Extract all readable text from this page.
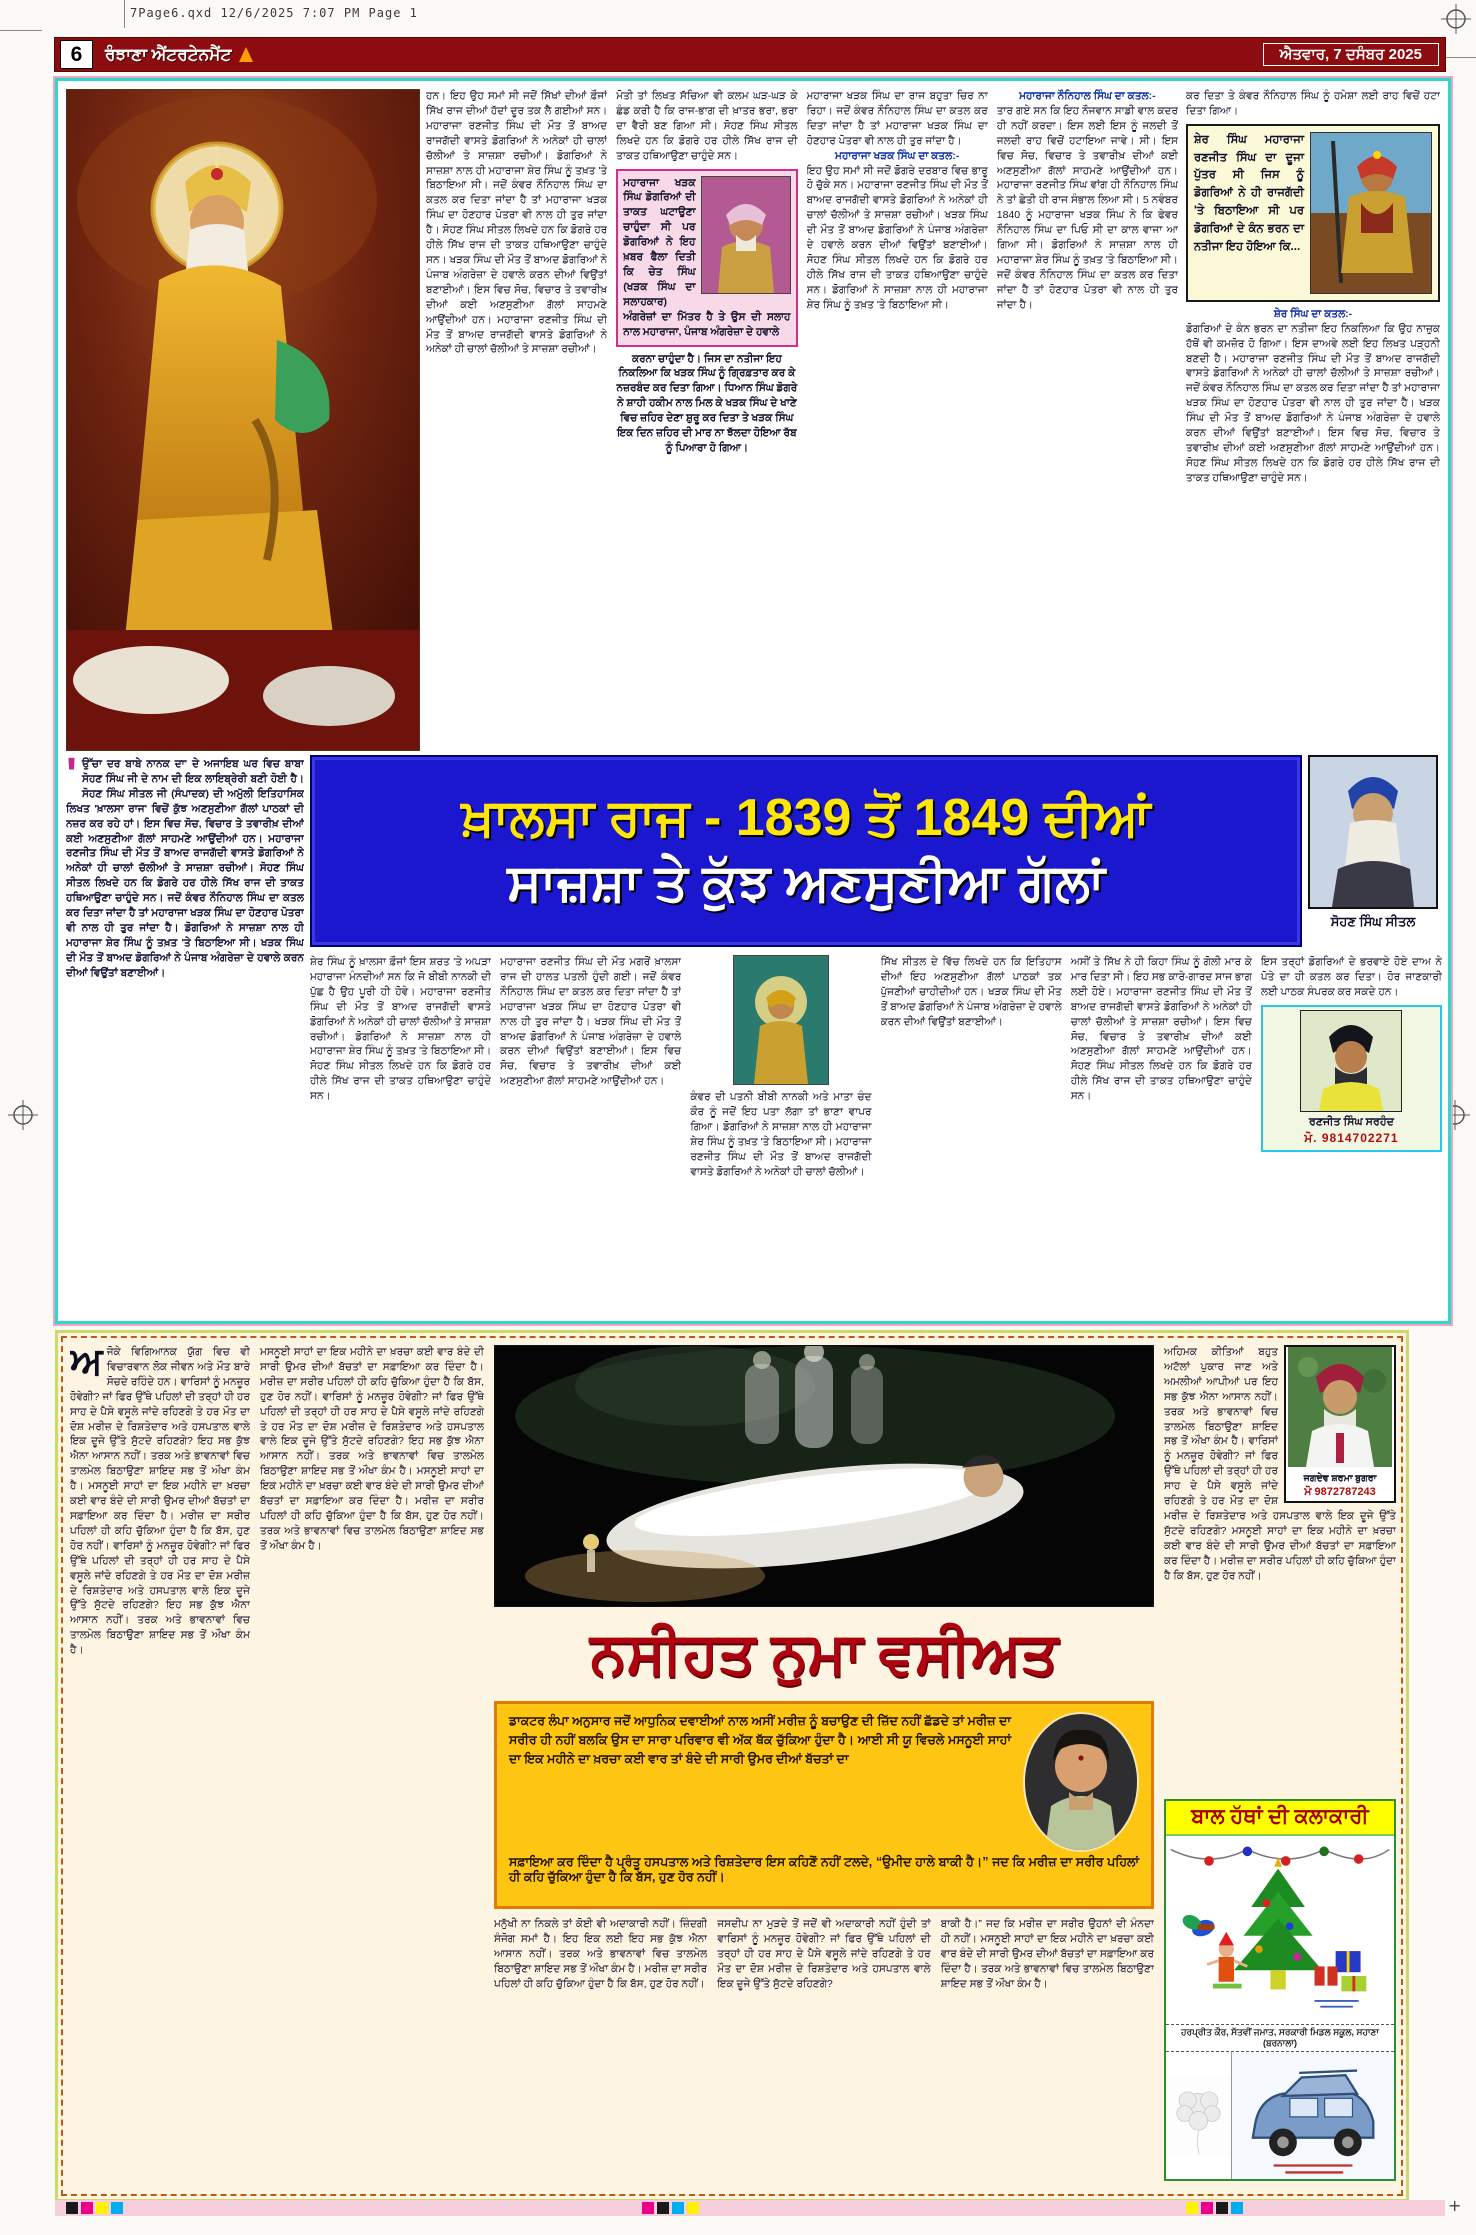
7Page6.qxd 12/6/2025 7:07 PM Page 1
+
6	ਰੰਝਾਣਾ ਐਂਟਰਟੇਨਮੈਂਟ	ਐਤਵਾਰ, 7 ਦਸੰਬਰ 2025
ਹਨ। ਇਹ ਉਹ ਸਮਾਂ ਸੀ ਜਦੋਂ ਸਿੱਖਾਂ ਦੀਆਂ ਫ਼ੌਜਾਂ ਸਿੱਖ ਰਾਜ ਦੀਆਂ ਹੱਦਾਂ ਦੂਰ ਤਕ ਲੈ ਗਈਆਂ ਸਨ। ਮਹਾਰਾਜਾ ਰਣਜੀਤ ਸਿੰਘ ਦੀ ਮੌਤ ਤੋਂ ਬਾਅਦ ਰਾਜਗੱਦੀ ਵਾਸਤੇ ਡੋਗਰਿਆਂ ਨੇ ਅਨੇਕਾਂ ਹੀ ਚਾਲਾਂ ਚੱਲੀਆਂ ਤੇ ਸਾਜ਼ਸ਼ਾ ਰਚੀਆਂ। ਡੋਗਰਿਆਂ ਨੇ ਸਾਜ਼ਸ਼ਾ ਨਾਲ ਹੀ ਮਹਾਰਾਜਾ ਸ਼ੇਰ ਸਿੰਘ ਨੂੰ ਤਖ਼ਤ 'ਤੇ ਬਿਠਾਇਆ ਸੀ। ਜਦੋਂ ਕੰਵਰ ਨੌਨਿਹਾਲ ਸਿੰਘ ਦਾ ਕਤਲ ਕਰ ਦਿਤਾ ਜਾਂਦਾ ਹੈ ਤਾਂ ਮਹਾਰਾਜਾ ਖੜਕ ਸਿੰਘ ਦਾ ਹੋਣਹਾਰ ਪੋਤਰਾ ਵੀ ਨਾਲ ਹੀ ਤੁਰ ਜਾਂਦਾ ਹੈ। ਸੋਹਣ ਸਿੰਘ ਸੀਤਲ ਲਿਖਦੇ ਹਨ ਕਿ ਡੋਗਰੇ ਹਰ ਹੀਲੇ ਸਿੱਖ ਰਾਜ ਦੀ ਤਾਕਤ ਹਥਿਆਉਣਾ ਚਾਹੁੰਦੇ ਸਨ। ਖੜਕ ਸਿੰਘ ਦੀ ਮੌਤ ਤੋਂ ਬਾਅਦ ਡੋਗਰਿਆਂ ਨੇ ਪੰਜਾਬ ਅੰਗਰੇਜ਼ਾ ਦੇ ਹਵਾਲੇ ਕਰਨ ਦੀਆਂ ਵਿਉਂਤਾਂ ਬਣਾਈਆਂ। ਇਸ ਵਿਚ ਸੋਚ, ਵਿਚਾਰ ਤੇ ਤਵਾਰੀਖ਼ ਦੀਆਂ ਕਈ ਅਣਸੁਣੀਆ ਗੱਲਾਂ ਸਾਹਮਣੇ ਆਉਂਦੀਆਂ ਹਨ। ਮਹਾਰਾਜਾ ਰਣਜੀਤ ਸਿੰਘ ਦੀ ਮੌਤ ਤੋਂ ਬਾਅਦ ਰਾਜਗੱਦੀ ਵਾਸਤੇ ਡੋਗਰਿਆਂ ਨੇ ਅਨੇਕਾਂ ਹੀ ਚਾਲਾਂ ਚੱਲੀਆਂ ਤੇ ਸਾਜ਼ਸ਼ਾ ਰਚੀਆਂ।
ਮੋਤੀ ਤਾਂ ਲਿਖਤ ਸੱਚਿਆ ਵੀ ਕਲਮ ਘੜ-ਘੜ ਕੇ ਛੰਡ ਕਰੀ ਹੈ ਕਿ ਰਾਜ-ਭਾਗ ਦੀ ਖ਼ਾਤਰ ਭਰਾ, ਭਰਾ ਦਾ ਵੈਰੀ ਬਣ ਗਿਆ ਸੀ। ਸੋਹਣ ਸਿੰਘ ਸੀਤਲ ਲਿਖਦੇ ਹਨ ਕਿ ਡੋਗਰੇ ਹਰ ਹੀਲੇ ਸਿੱਖ ਰਾਜ ਦੀ ਤਾਕਤ ਹਥਿਆਉਣਾ ਚਾਹੁੰਦੇ ਸਨ।
ਮਹਾਰਾਜਾ ਖੜਕ ਸਿੰਘ ਡੋਗਰਿਆਂ ਦੀ ਤਾਕਤ ਘਟਾਉਣਾ ਚਾਹੁੰਦਾ ਸੀ ਪਰ ਡੋਗਰਿਆਂ ਨੇ ਇਹ ਖ਼ਬਰ ਫੈਲਾ ਦਿਤੀ ਕਿ ਚੇਤ ਸਿੰਘ (ਖੜਕ ਸਿੰਘ ਦਾ ਸਲਾਹਕਾਰ) ਅੰਗਰੇਜ਼ਾਂ ਦਾ ਮਿੱਤਰ ਹੈ ਤੇ ਉਸ ਦੀ ਸਲਾਹ ਨਾਲ ਮਹਾਰਾਜਾ, ਪੰਜਾਬ ਅੰਗਰੇਜ਼ਾ ਦੇ ਹਵਾਲੇ
ਕਰਨਾ ਚਾਹੁੰਦਾ ਹੈ। ਜਿਸ ਦਾ ਨਤੀਜਾ ਇਹ ਨਿਕਲਿਆ ਕਿ ਖੜਕ ਸਿੰਘ ਨੂੰ ਗ੍ਰਿਫ਼ਤਾਰ ਕਰ ਕੇ ਨਜ਼ਰਬੰਦ ਕਰ ਦਿਤਾ ਗਿਆ। ਧਿਆਨ ਸਿੰਘ ਡੋਗਰੇ ਨੇ ਸ਼ਾਹੀ ਹਕੀਮ ਨਾਲ ਮਿਲ ਕੇ ਖੜਕ ਸਿੰਘ ਦੇ ਖਾਣੇ ਵਿਚ ਜ਼ਹਿਰ ਦੇਣਾ ਸ਼ੁਰੂ ਕਰ ਦਿਤਾ ਤੇ ਖੜਕ ਸਿੰਘ ਇਕ ਦਿਨ ਜ਼ਹਿਰ ਦੀ ਮਾਰ ਨਾ ਝੱਲਦਾ ਹੋਇਆ ਰੱਬ ਨੂੰ ਪਿਆਰਾ ਹੋ ਗਿਆ।
ਮਹਾਰਾਜਾ ਖੜਕ ਸਿੰਘ ਦਾ ਰਾਜ ਬਹੁਤਾ ਚਿਰ ਨਾ ਰਿਹਾ। ਜਦੋਂ ਕੰਵਰ ਨੌਨਿਹਾਲ ਸਿੰਘ ਦਾ ਕਤਲ ਕਰ ਦਿਤਾ ਜਾਂਦਾ ਹੈ ਤਾਂ ਮਹਾਰਾਜਾ ਖੜਕ ਸਿੰਘ ਦਾ ਹੋਣਹਾਰ ਪੋਤਰਾ ਵੀ ਨਾਲ ਹੀ ਤੁਰ ਜਾਂਦਾ ਹੈ।
ਮਹਾਰਾਜਾ ਖੜਕ ਸਿੰਘ ਦਾ ਕਤਲ:-
ਇਹ ਉਹ ਸਮਾਂ ਸੀ ਜਦੋਂ ਡੋਗਰੇ ਦਰਬਾਰ ਵਿਚ ਭਾਰੂ ਹੋ ਚੁੱਕੇ ਸਨ। ਮਹਾਰਾਜਾ ਰਣਜੀਤ ਸਿੰਘ ਦੀ ਮੌਤ ਤੋਂ ਬਾਅਦ ਰਾਜਗੱਦੀ ਵਾਸਤੇ ਡੋਗਰਿਆਂ ਨੇ ਅਨੇਕਾਂ ਹੀ ਚਾਲਾਂ ਚੱਲੀਆਂ ਤੇ ਸਾਜ਼ਸ਼ਾ ਰਚੀਆਂ। ਖੜਕ ਸਿੰਘ ਦੀ ਮੌਤ ਤੋਂ ਬਾਅਦ ਡੋਗਰਿਆਂ ਨੇ ਪੰਜਾਬ ਅੰਗਰੇਜ਼ਾ ਦੇ ਹਵਾਲੇ ਕਰਨ ਦੀਆਂ ਵਿਉਂਤਾਂ ਬਣਾਈਆਂ। ਸੋਹਣ ਸਿੰਘ ਸੀਤਲ ਲਿਖਦੇ ਹਨ ਕਿ ਡੋਗਰੇ ਹਰ ਹੀਲੇ ਸਿੱਖ ਰਾਜ ਦੀ ਤਾਕਤ ਹਥਿਆਉਣਾ ਚਾਹੁੰਦੇ ਸਨ। ਡੋਗਰਿਆਂ ਨੇ ਸਾਜ਼ਸ਼ਾ ਨਾਲ ਹੀ ਮਹਾਰਾਜਾ ਸ਼ੇਰ ਸਿੰਘ ਨੂੰ ਤਖ਼ਤ 'ਤੇ ਬਿਠਾਇਆ ਸੀ।
ਮਹਾਰਾਜਾ ਨੌਨਿਹਾਲ ਸਿੰਘ ਦਾ ਕਤਲ:-
ਤਾਰ ਗਏ ਸਨ ਕਿ ਇਹ ਨੌਜਵਾਨ ਸਾਡੀ ਵਾਲ ਕਦਰ ਹੀ ਨਹੀਂ ਕਰਦਾ। ਇਸ ਲਈ ਇਸ ਨੂੰ ਜਲਦੀ ਤੋਂ ਜਲਦੀ ਰਾਹ ਵਿਚੋਂ ਹਟਾਇਆ ਜਾਵੇ। ਸੀ। ਇਸ ਵਿਚ ਸੋਚ, ਵਿਚਾਰ ਤੇ ਤਵਾਰੀਖ਼ ਦੀਆਂ ਕਈ ਅਣਸੁਣੀਆ ਗੱਲਾਂ ਸਾਹਮਣੇ ਆਉਂਦੀਆਂ ਹਨ। ਮਹਾਰਾਜਾ ਰਣਜੀਤ ਸਿੰਘ ਵਾਂਗ ਹੀ ਨੌਨਿਹਾਲ ਸਿੰਘ ਨੇ ਤਾਂ ਛੇਤੀ ਹੀ ਰਾਜ ਸੰਭਾਲ ਲਿਆ ਸੀ। 5 ਨਵੰਬਰ 1840 ਨੂੰ ਮਹਾਰਾਜਾ ਖੜਕ ਸਿੰਘ ਨੇ ਕਿ ਫੇਵਰ ਨੌਨਿਹਾਲ ਸਿੰਘ ਦਾ ਪਿਓ ਸੀ ਦਾ ਕਾਲ ਵਾਜਾ ਆ ਗਿਆ ਸੀ। ਡੋਗਰਿਆਂ ਨੇ ਸਾਜ਼ਸ਼ਾ ਨਾਲ ਹੀ ਮਹਾਰਾਜਾ ਸ਼ੇਰ ਸਿੰਘ ਨੂੰ ਤਖ਼ਤ 'ਤੇ ਬਿਠਾਇਆ ਸੀ। ਜਦੋਂ ਕੰਵਰ ਨੌਨਿਹਾਲ ਸਿੰਘ ਦਾ ਕਤਲ ਕਰ ਦਿਤਾ ਜਾਂਦਾ ਹੈ ਤਾਂ ਹੋਣਹਾਰ ਪੋਤਰਾ ਵੀ ਨਾਲ ਹੀ ਤੁਰ ਜਾਂਦਾ ਹੈ।
ਕਰ ਦਿਤਾ ਤੇ ਕੰਵਰ ਨੌਨਿਹਾਲ ਸਿੰਘ ਨੂੰ ਹਮੇਸ਼ਾ ਲਈ ਰਾਹ ਵਿਚੋਂ ਹਟਾ ਦਿਤਾ ਗਿਆ।
ਸ਼ੇਰ ਸਿੰਘ ਮਹਾਰਾਜਾ ਰਣਜੀਤ ਸਿੰਘ ਦਾ ਦੂਜਾ ਪੁੱਤਰ ਸੀ ਜਿਸ ਨੂੰ ਡੋਗਰਿਆਂ ਨੇ ਹੀ ਰਾਜਗੱਦੀ 'ਤੇ ਬਿਠਾਇਆ ਸੀ ਪਰ ਡੋਗਰਿਆਂ ਦੇ ਕੰਨ ਭਰਨ ਦਾ ਨਤੀਜਾ ਇਹ ਹੋਇਆ ਕਿ...
ਸ਼ੇਰ ਸਿੰਘ ਦਾ ਕਤਲ:-
ਡੋਗਰਿਆਂ ਦੇ ਕੰਨ ਭਰਨ ਦਾ ਨਤੀਜਾ ਇਹ ਨਿਕਲਿਆ ਕਿ ਉਹ ਨਾਜ਼ੁਕ ਹੱਥੋਂ ਵੀ ਕਮਜ਼ੋਰ ਹੋ ਗਿਆ। ਇਸ ਦਾਅਵੇ ਲਈ ਇਹ ਲਿਖਤ ਪੜ੍ਹਨੀ ਬਣਦੀ ਹੈ। ਮਹਾਰਾਜਾ ਰਣਜੀਤ ਸਿੰਘ ਦੀ ਮੌਤ ਤੋਂ ਬਾਅਦ ਰਾਜਗੱਦੀ ਵਾਸਤੇ ਡੋਗਰਿਆਂ ਨੇ ਅਨੇਕਾਂ ਹੀ ਚਾਲਾਂ ਚੱਲੀਆਂ ਤੇ ਸਾਜ਼ਸ਼ਾ ਰਚੀਆਂ। ਜਦੋਂ ਕੰਵਰ ਨੌਨਿਹਾਲ ਸਿੰਘ ਦਾ ਕਤਲ ਕਰ ਦਿਤਾ ਜਾਂਦਾ ਹੈ ਤਾਂ ਮਹਾਰਾਜਾ ਖੜਕ ਸਿੰਘ ਦਾ ਹੋਣਹਾਰ ਪੋਤਰਾ ਵੀ ਨਾਲ ਹੀ ਤੁਰ ਜਾਂਦਾ ਹੈ। ਖੜਕ ਸਿੰਘ ਦੀ ਮੌਤ ਤੋਂ ਬਾਅਦ ਡੋਗਰਿਆਂ ਨੇ ਪੰਜਾਬ ਅੰਗਰੇਜ਼ਾ ਦੇ ਹਵਾਲੇ ਕਰਨ ਦੀਆਂ ਵਿਉਂਤਾਂ ਬਣਾਈਆਂ। ਇਸ ਵਿਚ ਸੋਚ, ਵਿਚਾਰ ਤੇ ਤਵਾਰੀਖ਼ ਦੀਆਂ ਕਈ ਅਣਸੁਣੀਆ ਗੱਲਾਂ ਸਾਹਮਣੇ ਆਉਂਦੀਆਂ ਹਨ। ਸੋਹਣ ਸਿੰਘ ਸੀਤਲ ਲਿਖਦੇ ਹਨ ਕਿ ਡੋਗਰੇ ਹਰ ਹੀਲੇ ਸਿੱਖ ਰਾਜ ਦੀ ਤਾਕਤ ਹਥਿਆਉਣਾ ਚਾਹੁੰਦੇ ਸਨ।
' ਉੱਚਾ ਦਰ ਬਾਬੇ ਨਾਨਕ ਦਾ' ਦੇ ਅਜਾਇਬ ਘਰ ਵਿਚ ਬਾਬਾ ਸੋਹਣ ਸਿੰਘ ਜੀ ਦੇ ਨਾਮ ਦੀ ਇਕ ਲਾਇਬ੍ਰੇਰੀ ਬਣੀ ਹੋਈ ਹੈ। ਸੋਹਣ ਸਿੰਘ ਸੀਤਲ ਜੀ (ਸੰਪਾਦਕ) ਦੀ ਅਮੁੱਲੀ ਇਤਿਹਾਸਿਕ ਲਿਖਤ 'ਖ਼ਾਲਸਾ ਰਾਜ' ਵਿਚੋਂ ਕੁੱਝ ਅਣਸੁਣੀਆ ਗੱਲਾਂ ਪਾਠਕਾਂ ਦੀ ਨਜ਼ਰ ਕਰ ਰਹੇ ਹਾਂ। ਇਸ ਵਿਚ ਸੋਚ, ਵਿਚਾਰ ਤੇ ਤਵਾਰੀਖ਼ ਦੀਆਂ ਕਈ ਅਣਸੁਣੀਆ ਗੱਲਾਂ ਸਾਹਮਣੇ ਆਉਂਦੀਆਂ ਹਨ। ਮਹਾਰਾਜਾ ਰਣਜੀਤ ਸਿੰਘ ਦੀ ਮੌਤ ਤੋਂ ਬਾਅਦ ਰਾਜਗੱਦੀ ਵਾਸਤੇ ਡੋਗਰਿਆਂ ਨੇ ਅਨੇਕਾਂ ਹੀ ਚਾਲਾਂ ਚੱਲੀਆਂ ਤੇ ਸਾਜ਼ਸ਼ਾ ਰਚੀਆਂ। ਸੋਹਣ ਸਿੰਘ ਸੀਤਲ ਲਿਖਦੇ ਹਨ ਕਿ ਡੋਗਰੇ ਹਰ ਹੀਲੇ ਸਿੱਖ ਰਾਜ ਦੀ ਤਾਕਤ ਹਥਿਆਉਣਾ ਚਾਹੁੰਦੇ ਸਨ। ਜਦੋਂ ਕੰਵਰ ਨੌਨਿਹਾਲ ਸਿੰਘ ਦਾ ਕਤਲ ਕਰ ਦਿਤਾ ਜਾਂਦਾ ਹੈ ਤਾਂ ਮਹਾਰਾਜਾ ਖੜਕ ਸਿੰਘ ਦਾ ਹੋਣਹਾਰ ਪੋਤਰਾ ਵੀ ਨਾਲ ਹੀ ਤੁਰ ਜਾਂਦਾ ਹੈ। ਡੋਗਰਿਆਂ ਨੇ ਸਾਜ਼ਸ਼ਾ ਨਾਲ ਹੀ ਮਹਾਰਾਜਾ ਸ਼ੇਰ ਸਿੰਘ ਨੂੰ ਤਖ਼ਤ 'ਤੇ ਬਿਠਾਇਆ ਸੀ। ਖੜਕ ਸਿੰਘ ਦੀ ਮੌਤ ਤੋਂ ਬਾਅਦ ਡੋਗਰਿਆਂ ਨੇ ਪੰਜਾਬ ਅੰਗਰੇਜ਼ਾ ਦੇ ਹਵਾਲੇ ਕਰਨ ਦੀਆਂ ਵਿਉਂਤਾਂ ਬਣਾਈਆਂ।
ਖ਼ਾਲਸਾ ਰਾਜ - 1839 ਤੋਂ 1849 ਦੀਆਂ
ਸਾਜ਼ਸ਼ਾ ਤੇ ਕੁੱਝ ਅਣਸੁਣੀਆ ਗੱਲਾਂ
ਸੋਹਣ ਸਿੰਘ ਸੀਤਲ
ਸ਼ੇਰ ਸਿੰਘ ਨੂੰ ਖ਼ਾਲਸਾ ਫ਼ੌਜਾਂ ਇਸ ਸ਼ਰਤ 'ਤੇ ਅਪੜਾ ਮਹਾਰਾਜਾ ਮੰਨਦੀਆਂ ਸਨ ਕਿ ਜੋ ਬੀਬੀ ਨਾਨਕੀ ਦੀ ਪੁੱਛ ਹੈ ਉਹ ਪੂਰੀ ਹੀ ਹੋਵੇ। ਮਹਾਰਾਜਾ ਰਣਜੀਤ ਸਿੰਘ ਦੀ ਮੌਤ ਤੋਂ ਬਾਅਦ ਰਾਜਗੱਦੀ ਵਾਸਤੇ ਡੋਗਰਿਆਂ ਨੇ ਅਨੇਕਾਂ ਹੀ ਚਾਲਾਂ ਚੱਲੀਆਂ ਤੇ ਸਾਜ਼ਸ਼ਾ ਰਚੀਆਂ। ਡੋਗਰਿਆਂ ਨੇ ਸਾਜ਼ਸ਼ਾ ਨਾਲ ਹੀ ਮਹਾਰਾਜਾ ਸ਼ੇਰ ਸਿੰਘ ਨੂੰ ਤਖ਼ਤ 'ਤੇ ਬਿਠਾਇਆ ਸੀ। ਸੋਹਣ ਸਿੰਘ ਸੀਤਲ ਲਿਖਦੇ ਹਨ ਕਿ ਡੋਗਰੇ ਹਰ ਹੀਲੇ ਸਿੱਖ ਰਾਜ ਦੀ ਤਾਕਤ ਹਥਿਆਉਣਾ ਚਾਹੁੰਦੇ ਸਨ।
ਮਹਾਰਾਜਾ ਰਣਜੀਤ ਸਿੰਘ ਦੀ ਮੌਤ ਮਗਰੋਂ ਖ਼ਾਲਸਾ ਰਾਜ ਦੀ ਹਾਲਤ ਪਤਲੀ ਹੁੰਦੀ ਗਈ। ਜਦੋਂ ਕੰਵਰ ਨੌਨਿਹਾਲ ਸਿੰਘ ਦਾ ਕਤਲ ਕਰ ਦਿਤਾ ਜਾਂਦਾ ਹੈ ਤਾਂ ਮਹਾਰਾਜਾ ਖੜਕ ਸਿੰਘ ਦਾ ਹੋਣਹਾਰ ਪੋਤਰਾ ਵੀ ਨਾਲ ਹੀ ਤੁਰ ਜਾਂਦਾ ਹੈ। ਖੜਕ ਸਿੰਘ ਦੀ ਮੌਤ ਤੋਂ ਬਾਅਦ ਡੋਗਰਿਆਂ ਨੇ ਪੰਜਾਬ ਅੰਗਰੇਜ਼ਾ ਦੇ ਹਵਾਲੇ ਕਰਨ ਦੀਆਂ ਵਿਉਂਤਾਂ ਬਣਾਈਆਂ। ਇਸ ਵਿਚ ਸੋਚ, ਵਿਚਾਰ ਤੇ ਤਵਾਰੀਖ਼ ਦੀਆਂ ਕਈ ਅਣਸੁਣੀਆ ਗੱਲਾਂ ਸਾਹਮਣੇ ਆਉਂਦੀਆਂ ਹਨ।
ਕੰਵਰ ਦੀ ਪਤਨੀ ਬੀਬੀ ਨਾਨਕੀ ਅਤੇ ਮਾਤਾ ਚੰਦ ਕੌਰ ਨੂੰ ਜਦੋਂ ਇਹ ਪਤਾ ਲੱਗਾ ਤਾਂ ਭਾਣਾ ਵਾਪਰ ਗਿਆ। ਡੋਗਰਿਆਂ ਨੇ ਸਾਜ਼ਸ਼ਾ ਨਾਲ ਹੀ ਮਹਾਰਾਜਾ ਸ਼ੇਰ ਸਿੰਘ ਨੂੰ ਤਖ਼ਤ 'ਤੇ ਬਿਠਾਇਆ ਸੀ। ਮਹਾਰਾਜਾ ਰਣਜੀਤ ਸਿੰਘ ਦੀ ਮੌਤ ਤੋਂ ਬਾਅਦ ਰਾਜਗੱਦੀ ਵਾਸਤੇ ਡੋਗਰਿਆਂ ਨੇ ਅਨੇਕਾਂ ਹੀ ਚਾਲਾਂ ਚੱਲੀਆਂ।
ਸਿੱਖ ਸੀਤਲ ਦੇ ਵਿੱਚ ਲਿਖਦੇ ਹਨ ਕਿ ਇਤਿਹਾਸ ਦੀਆਂ ਇਹ ਅਣਸੁਣੀਆ ਗੱਲਾਂ ਪਾਠਕਾਂ ਤਕ ਪੁੱਜਣੀਆਂ ਚਾਹੀਦੀਆਂ ਹਨ। ਖੜਕ ਸਿੰਘ ਦੀ ਮੌਤ ਤੋਂ ਬਾਅਦ ਡੋਗਰਿਆਂ ਨੇ ਪੰਜਾਬ ਅੰਗਰੇਜ਼ਾ ਦੇ ਹਵਾਲੇ ਕਰਨ ਦੀਆਂ ਵਿਉਂਤਾਂ ਬਣਾਈਆਂ।
ਅਸੀਂ ਤੇ ਸਿੱਖ ਨੇ ਹੀ ਕਿਹਾ ਸਿੰਘ ਨੂੰ ਗੋਲੀ ਮਾਰ ਕੇ ਮਾਰ ਦਿਤਾ ਸੀ। ਇਹ ਸਭ ਕਾਰੇ-ਗਾਰਦ ਸਾਜ ਭਾਗ ਲਈ ਹੋਏ। ਮਹਾਰਾਜਾ ਰਣਜੀਤ ਸਿੰਘ ਦੀ ਮੌਤ ਤੋਂ ਬਾਅਦ ਰਾਜਗੱਦੀ ਵਾਸਤੇ ਡੋਗਰਿਆਂ ਨੇ ਅਨੇਕਾਂ ਹੀ ਚਾਲਾਂ ਚੱਲੀਆਂ ਤੇ ਸਾਜ਼ਸ਼ਾ ਰਚੀਆਂ। ਇਸ ਵਿਚ ਸੋਚ, ਵਿਚਾਰ ਤੇ ਤਵਾਰੀਖ਼ ਦੀਆਂ ਕਈ ਅਣਸੁਣੀਆ ਗੱਲਾਂ ਸਾਹਮਣੇ ਆਉਂਦੀਆਂ ਹਨ। ਸੋਹਣ ਸਿੰਘ ਸੀਤਲ ਲਿਖਦੇ ਹਨ ਕਿ ਡੋਗਰੇ ਹਰ ਹੀਲੇ ਸਿੱਖ ਰਾਜ ਦੀ ਤਾਕਤ ਹਥਿਆਉਣਾ ਚਾਹੁੰਦੇ ਸਨ।
ਇਸ ਤਰ੍ਹਾਂ ਡੋਗਰਿਆਂ ਦੇ ਭਰਵਾਏ ਹੋਏ ਦਾਅ ਨੇ ਪੋਤੇ ਦਾ ਹੀ ਕਤਲ ਕਰ ਦਿਤਾ। ਹੋਰ ਜਾਣਕਾਰੀ ਲਈ ਪਾਠਕ ਸੰਪਰਕ ਕਰ ਸਕਦੇ ਹਨ।
ਰਣਜੀਤ ਸਿੰਘ ਸਰਹੰਦ
ਮੋ. 9814702271
ਅ ਜੋਕੇ ਵਿਗਿਆਨਕ ਯੁੱਗ ਵਿਚ ਵੀ ਵਿਚਾਰਵਾਨ ਲੋਕ ਜੀਵਨ ਅਤੇ ਮੌਤ ਬਾਰੇ ਸੋਚਦੇ ਰਹਿੰਦੇ ਹਨ। ਵਾਰਿਸਾਂ ਨੂੰ ਮਨਜ਼ੂਰ ਹੋਵੇਗੀ? ਜਾਂ ਫਿਰ ਉੱਥੇ ਪਹਿਲਾਂ ਦੀ ਤਰ੍ਹਾਂ ਹੀ ਹਰ ਸਾਹ ਦੇ ਪੈਸੇ ਵਸੂਲੇ ਜਾਂਦੇ ਰਹਿਣਗੇ ਤੇ ਹਰ ਮੌਤ ਦਾ ਦੋਸ਼ ਮਰੀਜ਼ ਦੇ ਰਿਸ਼ਤੇਦਾਰ ਅਤੇ ਹਸਪਤਾਲ ਵਾਲੇ ਇਕ ਦੂਜੇ ਉੱਤੇ ਸੁੱਟਦੇ ਰਹਿਣਗੇ? ਇਹ ਸਭ ਕੁੱਝ ਐਨਾ ਆਸਾਨ ਨਹੀਂ। ਤਰਕ ਅਤੇ ਭਾਵਨਾਵਾਂ ਵਿਚ ਤਾਲਮੇਲ ਬਿਠਾਉਣਾ ਸ਼ਾਇਦ ਸਭ ਤੋਂ ਔਖਾ ਕੰਮ ਹੈ। ਮਸਨੂਈ ਸਾਹਾਂ ਦਾ ਇਕ ਮਹੀਨੇ ਦਾ ਖ਼ਰਚਾ ਕਈ ਵਾਰ ਬੰਦੇ ਦੀ ਸਾਰੀ ਉਮਰ ਦੀਆਂ ਬੱਚਤਾਂ ਦਾ ਸਫ਼ਾਇਆ ਕਰ ਦਿੰਦਾ ਹੈ। ਮਰੀਜ਼ ਦਾ ਸਰੀਰ ਪਹਿਲਾਂ ਹੀ ਕਹਿ ਚੁੱਕਿਆ ਹੁੰਦਾ ਹੈ ਕਿ ਬੱਸ, ਹੁਣ ਹੋਰ ਨਹੀਂ। ਵਾਰਿਸਾਂ ਨੂੰ ਮਨਜ਼ੂਰ ਹੋਵੇਗੀ? ਜਾਂ ਫਿਰ ਉੱਥੇ ਪਹਿਲਾਂ ਦੀ ਤਰ੍ਹਾਂ ਹੀ ਹਰ ਸਾਹ ਦੇ ਪੈਸੇ ਵਸੂਲੇ ਜਾਂਦੇ ਰਹਿਣਗੇ ਤੇ ਹਰ ਮੌਤ ਦਾ ਦੋਸ਼ ਮਰੀਜ਼ ਦੇ ਰਿਸ਼ਤੇਦਾਰ ਅਤੇ ਹਸਪਤਾਲ ਵਾਲੇ ਇਕ ਦੂਜੇ ਉੱਤੇ ਸੁੱਟਦੇ ਰਹਿਣਗੇ? ਇਹ ਸਭ ਕੁੱਝ ਐਨਾ ਆਸਾਨ ਨਹੀਂ। ਤਰਕ ਅਤੇ ਭਾਵਨਾਵਾਂ ਵਿਚ ਤਾਲਮੇਲ ਬਿਠਾਉਣਾ ਸ਼ਾਇਦ ਸਭ ਤੋਂ ਔਖਾ ਕੰਮ ਹੈ।
ਮਸਨੂਈ ਸਾਹਾਂ ਦਾ ਇਕ ਮਹੀਨੇ ਦਾ ਖ਼ਰਚਾ ਕਈ ਵਾਰ ਬੰਦੇ ਦੀ ਸਾਰੀ ਉਮਰ ਦੀਆਂ ਬੱਚਤਾਂ ਦਾ ਸਫ਼ਾਇਆ ਕਰ ਦਿੰਦਾ ਹੈ। ਮਰੀਜ਼ ਦਾ ਸਰੀਰ ਪਹਿਲਾਂ ਹੀ ਕਹਿ ਚੁੱਕਿਆ ਹੁੰਦਾ ਹੈ ਕਿ ਬੱਸ, ਹੁਣ ਹੋਰ ਨਹੀਂ। ਵਾਰਿਸਾਂ ਨੂੰ ਮਨਜ਼ੂਰ ਹੋਵੇਗੀ? ਜਾਂ ਫਿਰ ਉੱਥੇ ਪਹਿਲਾਂ ਦੀ ਤਰ੍ਹਾਂ ਹੀ ਹਰ ਸਾਹ ਦੇ ਪੈਸੇ ਵਸੂਲੇ ਜਾਂਦੇ ਰਹਿਣਗੇ ਤੇ ਹਰ ਮੌਤ ਦਾ ਦੋਸ਼ ਮਰੀਜ਼ ਦੇ ਰਿਸ਼ਤੇਦਾਰ ਅਤੇ ਹਸਪਤਾਲ ਵਾਲੇ ਇਕ ਦੂਜੇ ਉੱਤੇ ਸੁੱਟਦੇ ਰਹਿਣਗੇ? ਇਹ ਸਭ ਕੁੱਝ ਐਨਾ ਆਸਾਨ ਨਹੀਂ। ਤਰਕ ਅਤੇ ਭਾਵਨਾਵਾਂ ਵਿਚ ਤਾਲਮੇਲ ਬਿਠਾਉਣਾ ਸ਼ਾਇਦ ਸਭ ਤੋਂ ਔਖਾ ਕੰਮ ਹੈ। ਮਸਨੂਈ ਸਾਹਾਂ ਦਾ ਇਕ ਮਹੀਨੇ ਦਾ ਖ਼ਰਚਾ ਕਈ ਵਾਰ ਬੰਦੇ ਦੀ ਸਾਰੀ ਉਮਰ ਦੀਆਂ ਬੱਚਤਾਂ ਦਾ ਸਫ਼ਾਇਆ ਕਰ ਦਿੰਦਾ ਹੈ। ਮਰੀਜ਼ ਦਾ ਸਰੀਰ ਪਹਿਲਾਂ ਹੀ ਕਹਿ ਚੁੱਕਿਆ ਹੁੰਦਾ ਹੈ ਕਿ ਬੱਸ, ਹੁਣ ਹੋਰ ਨਹੀਂ। ਤਰਕ ਅਤੇ ਭਾਵਨਾਵਾਂ ਵਿਚ ਤਾਲਮੇਲ ਬਿਠਾਉਣਾ ਸ਼ਾਇਦ ਸਭ ਤੋਂ ਔਖਾ ਕੰਮ ਹੈ।
ਨਸੀਹਤ ਨੁਮਾ ਵਸੀਅਤ
ਡਾਕਟਰ ਲੰਪਾ ਅਨੁਸਾਰ ਜਦੋਂ ਆਧੁਨਿਕ ਦਵਾਈਆਂ ਨਾਲ ਅਸੀਂ ਮਰੀਜ਼ ਨੂੰ ਬਚਾਉਣ ਦੀ ਜ਼ਿੱਦ ਨਹੀਂ ਛੱਡਦੇ ਤਾਂ ਮਰੀਜ਼ ਦਾ ਸਰੀਰ ਹੀ ਨਹੀਂ ਬਲਕਿ ਉਸ ਦਾ ਸਾਰਾ ਪਰਿਵਾਰ ਵੀ ਅੱਕ ਥੱਕ ਚੁੱਕਿਆ ਹੁੰਦਾ ਹੈ। ਆਈ ਸੀ ਯੂ ਵਿਚਲੇ ਮਸਨੂਈ ਸਾਹਾਂ ਦਾ ਇਕ ਮਹੀਨੇ ਦਾ ਖ਼ਰਚਾ ਕਈ ਵਾਰ ਤਾਂ ਬੰਦੇ ਦੀ ਸਾਰੀ ਉਮਰ ਦੀਆਂ ਬੱਚਤਾਂ ਦਾ
ਸਫ਼ਾਇਆ ਕਰ ਦਿੰਦਾ ਹੈ ਪ੍ਰੰਤੂ ਹਸਪਤਾਲ ਅਤੇ ਰਿਸ਼ਤੇਦਾਰ ਇਸ ਕਹਿਣੋਂ ਨਹੀਂ ਟਲਦੇ, “ਉਮੀਦ ਹਾਲੇ ਬਾਕੀ ਹੈ।” ਜਦ ਕਿ ਮਰੀਜ਼ ਦਾ ਸਰੀਰ ਪਹਿਲਾਂ ਹੀ ਕਹਿ ਚੁੱਕਿਆ ਹੁੰਦਾ ਹੈ ਕਿ ਬੱਸ, ਹੁਣ ਹੋਰ ਨਹੀਂ।
ਮਨੁੱਖੀ ਨਾ ਨਿਕਲੇ ਤਾਂ ਕੋਈ ਵੀ ਅਦਾਕਾਰੀ ਨਹੀਂ। ਜ਼ਿੰਦਗੀ ਸੰਜੋਗ ਸਮਾਂ ਹੈ। ਇਹ ਇਕ ਲਈ ਇਹ ਸਭ ਕੁੱਝ ਐਨਾ ਆਸਾਨ ਨਹੀਂ। ਤਰਕ ਅਤੇ ਭਾਵਨਾਵਾਂ ਵਿਚ ਤਾਲਮੇਲ ਬਿਠਾਉਣਾ ਸ਼ਾਇਦ ਸਭ ਤੋਂ ਔਖਾ ਕੰਮ ਹੈ। ਮਰੀਜ਼ ਦਾ ਸਰੀਰ ਪਹਿਲਾਂ ਹੀ ਕਹਿ ਚੁੱਕਿਆ ਹੁੰਦਾ ਹੈ ਕਿ ਬੱਸ, ਹੁਣ ਹੋਰ ਨਹੀਂ।
ਜਸਦੀਪ ਨਾ ਮੁੜਦੇ ਤੋਂ ਜਦੋਂ ਵੀ ਅਦਾਕਾਰੀ ਨਹੀਂ ਹੁੰਦੀ ਤਾਂ ਵਾਰਿਸਾਂ ਨੂੰ ਮਨਜ਼ੂਰ ਹੋਵੇਗੀ? ਜਾਂ ਫਿਰ ਉੱਥੇ ਪਹਿਲਾਂ ਦੀ ਤਰ੍ਹਾਂ ਹੀ ਹਰ ਸਾਹ ਦੇ ਪੈਸੇ ਵਸੂਲੇ ਜਾਂਦੇ ਰਹਿਣਗੇ ਤੇ ਹਰ ਮੌਤ ਦਾ ਦੋਸ਼ ਮਰੀਜ਼ ਦੇ ਰਿਸ਼ਤੇਦਾਰ ਅਤੇ ਹਸਪਤਾਲ ਵਾਲੇ ਇਕ ਦੂਜੇ ਉੱਤੇ ਸੁੱਟਦੇ ਰਹਿਣਗੇ?
ਬਾਕੀ ਹੈ।” ਜਦ ਕਿ ਮਰੀਜ਼ ਦਾ ਸਰੀਰ ਉਹਨਾਂ ਦੀ ਮੰਨਦਾ ਹੀ ਨਹੀਂ। ਮਸਨੂਈ ਸਾਹਾਂ ਦਾ ਇਕ ਮਹੀਨੇ ਦਾ ਖ਼ਰਚਾ ਕਈ ਵਾਰ ਬੰਦੇ ਦੀ ਸਾਰੀ ਉਮਰ ਦੀਆਂ ਬੱਚਤਾਂ ਦਾ ਸਫ਼ਾਇਆ ਕਰ ਦਿੰਦਾ ਹੈ। ਤਰਕ ਅਤੇ ਭਾਵਨਾਵਾਂ ਵਿਚ ਤਾਲਮੇਲ ਬਿਠਾਉਣਾ ਸ਼ਾਇਦ ਸਭ ਤੋਂ ਔਖਾ ਕੰਮ ਹੈ।
ਜਗਦੇਵ ਸ਼ਰਮਾ ਬੁਗਰਾ
ਮੋ 9872787243
ਅਹਿਮਕ ਕੀਤਿਆਂ ਬਹੁਤ ਅਟੱਲਾਂ ਪੁਕਾਰ ਜਾਣ ਅਤੇ ਅਮਲੀਆਂ ਆਪੀਆਂ ਪਰ ਇਹ ਸਭ ਕੁੱਝ ਐਨਾ ਆਸਾਨ ਨਹੀਂ। ਤਰਕ ਅਤੇ ਭਾਵਨਾਵਾਂ ਵਿਚ ਤਾਲਮੇਲ ਬਿਠਾਉਣਾ ਸ਼ਾਇਦ ਸਭ ਤੋਂ ਔਖਾ ਕੰਮ ਹੈ। ਵਾਰਿਸਾਂ ਨੂੰ ਮਨਜ਼ੂਰ ਹੋਵੇਗੀ? ਜਾਂ ਫਿਰ ਉੱਥੇ ਪਹਿਲਾਂ ਦੀ ਤਰ੍ਹਾਂ ਹੀ ਹਰ ਸਾਹ ਦੇ ਪੈਸੇ ਵਸੂਲੇ ਜਾਂਦੇ ਰਹਿਣਗੇ ਤੇ ਹਰ ਮੌਤ ਦਾ ਦੋਸ਼ ਮਰੀਜ਼ ਦੇ ਰਿਸ਼ਤੇਦਾਰ ਅਤੇ ਹਸਪਤਾਲ ਵਾਲੇ ਇਕ ਦੂਜੇ ਉੱਤੇ ਸੁੱਟਦੇ ਰਹਿਣਗੇ? ਮਸਨੂਈ ਸਾਹਾਂ ਦਾ ਇਕ ਮਹੀਨੇ ਦਾ ਖ਼ਰਚਾ ਕਈ ਵਾਰ ਬੰਦੇ ਦੀ ਸਾਰੀ ਉਮਰ ਦੀਆਂ ਬੱਚਤਾਂ ਦਾ ਸਫ਼ਾਇਆ ਕਰ ਦਿੰਦਾ ਹੈ। ਮਰੀਜ਼ ਦਾ ਸਰੀਰ ਪਹਿਲਾਂ ਹੀ ਕਹਿ ਚੁੱਕਿਆ ਹੁੰਦਾ ਹੈ ਕਿ ਬੱਸ, ਹੁਣ ਹੋਰ ਨਹੀਂ।
ਬਾਲ ਹੱਥਾਂ ਦੀ ਕਲਾਕਾਰੀ
ਹਰਪ੍ਰੀਤ ਕੌਰ, ਸੱਤਵੀਂ ਜਮਾਤ, ਸਰਕਾਰੀ ਮਿਡਲ ਸਕੂਲ, ਸਹਾਣਾ (ਬਰਨਾਲਾ)
